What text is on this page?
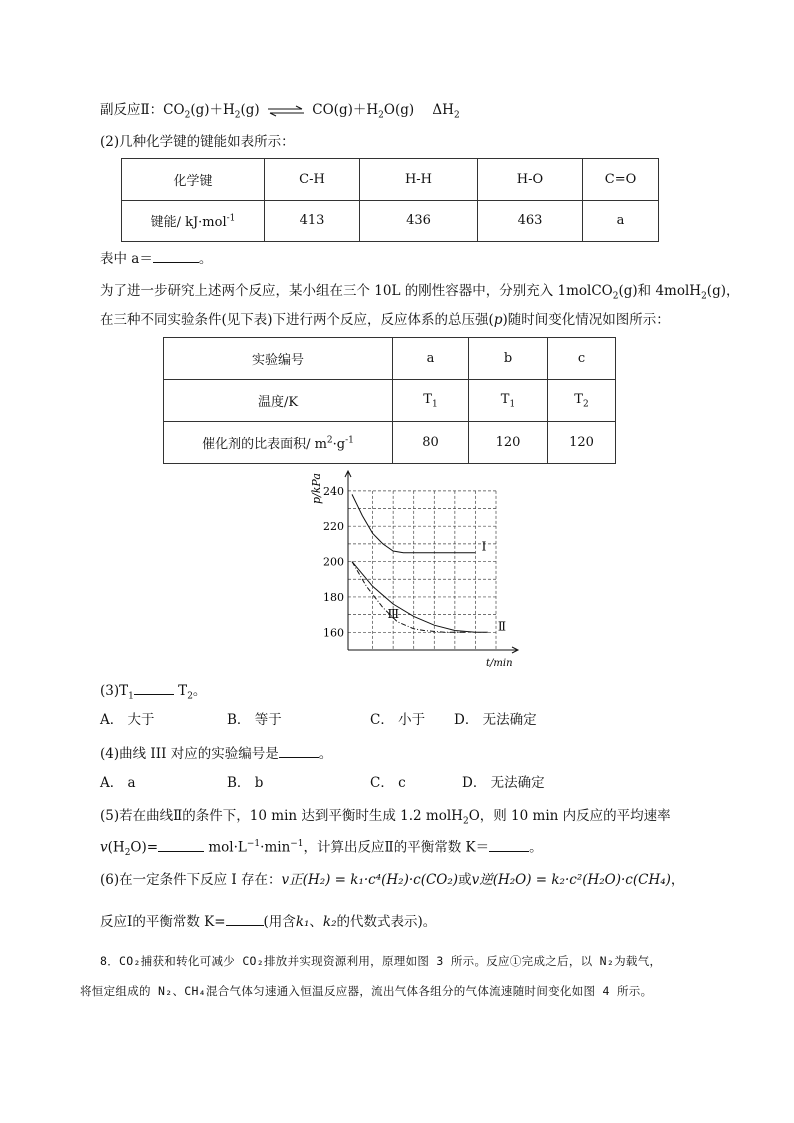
副反应Ⅱ：$CO_2(g)+H_2(g)$ ⇌ $CO(g)+H_2O(g)$ $\Delta H_2$
(2)几种化学键的键能如表所示：
化学键	C-H	H-H	H-O	C=O
键能/ kJ·mol$^{-1}$	413	436	463	a
表中 a＝	。
为了进一步研究上述两个反应，某小组在三个 10L 的刚性容器中，分别充入 1molCO$_2$(g)和 4molH$_2$(g)，
在三种不同实验条件(见下表)下进行两个反应，反应体系的总压强(p)随时间变化情况如图所示：
实验编号	a	b	c
温度/K	$T_1$	$T_1$	$T_2$
催化剂的比表面积/ $m^2\cdot g^{-1}$	80	120	120
240
220
200
180
160
p/kPa
t/min
Ⅰ
Ⅱ
Ⅲ
$(3)T_1$	$T_2$。
A． 大于	B． 等于	C． 小于 D． 无法确定
(4)曲线 III 对应的实验编号是	。
A． a	B． b	C． c	D． 无法确定
(5)若在曲线Ⅱ的条件下，10 min 达到平衡时生成 1.2 molH$_2$O，则 10 min 内反应的平均速率
$v(H_2O)=$	$mol\cdot L^{-1}\cdot\min^{-1}$，计算出反应Ⅱ的平衡常数 K＝	。
(6)在一定条件下反应 I 存在：v正(H₂) = k₁·c⁴(H₂)·c(CO₂)或v逆(H₂O) = k₂·c²(H₂O)·c(CH₄)，
反应Ⅰ的平衡常数 K=	(用含k₁、k₂的代数式表示)。
8．CO₂捕获和转化可减少 CO₂排放并实现资源利用，原理如图 3 所示。反应①完成之后，以 N₂为载气，
将恒定组成的 N₂、CH₄混合气体匀速通入恒温反应器，流出气体各组分的气体流速随时间变化如图 4 所示。
